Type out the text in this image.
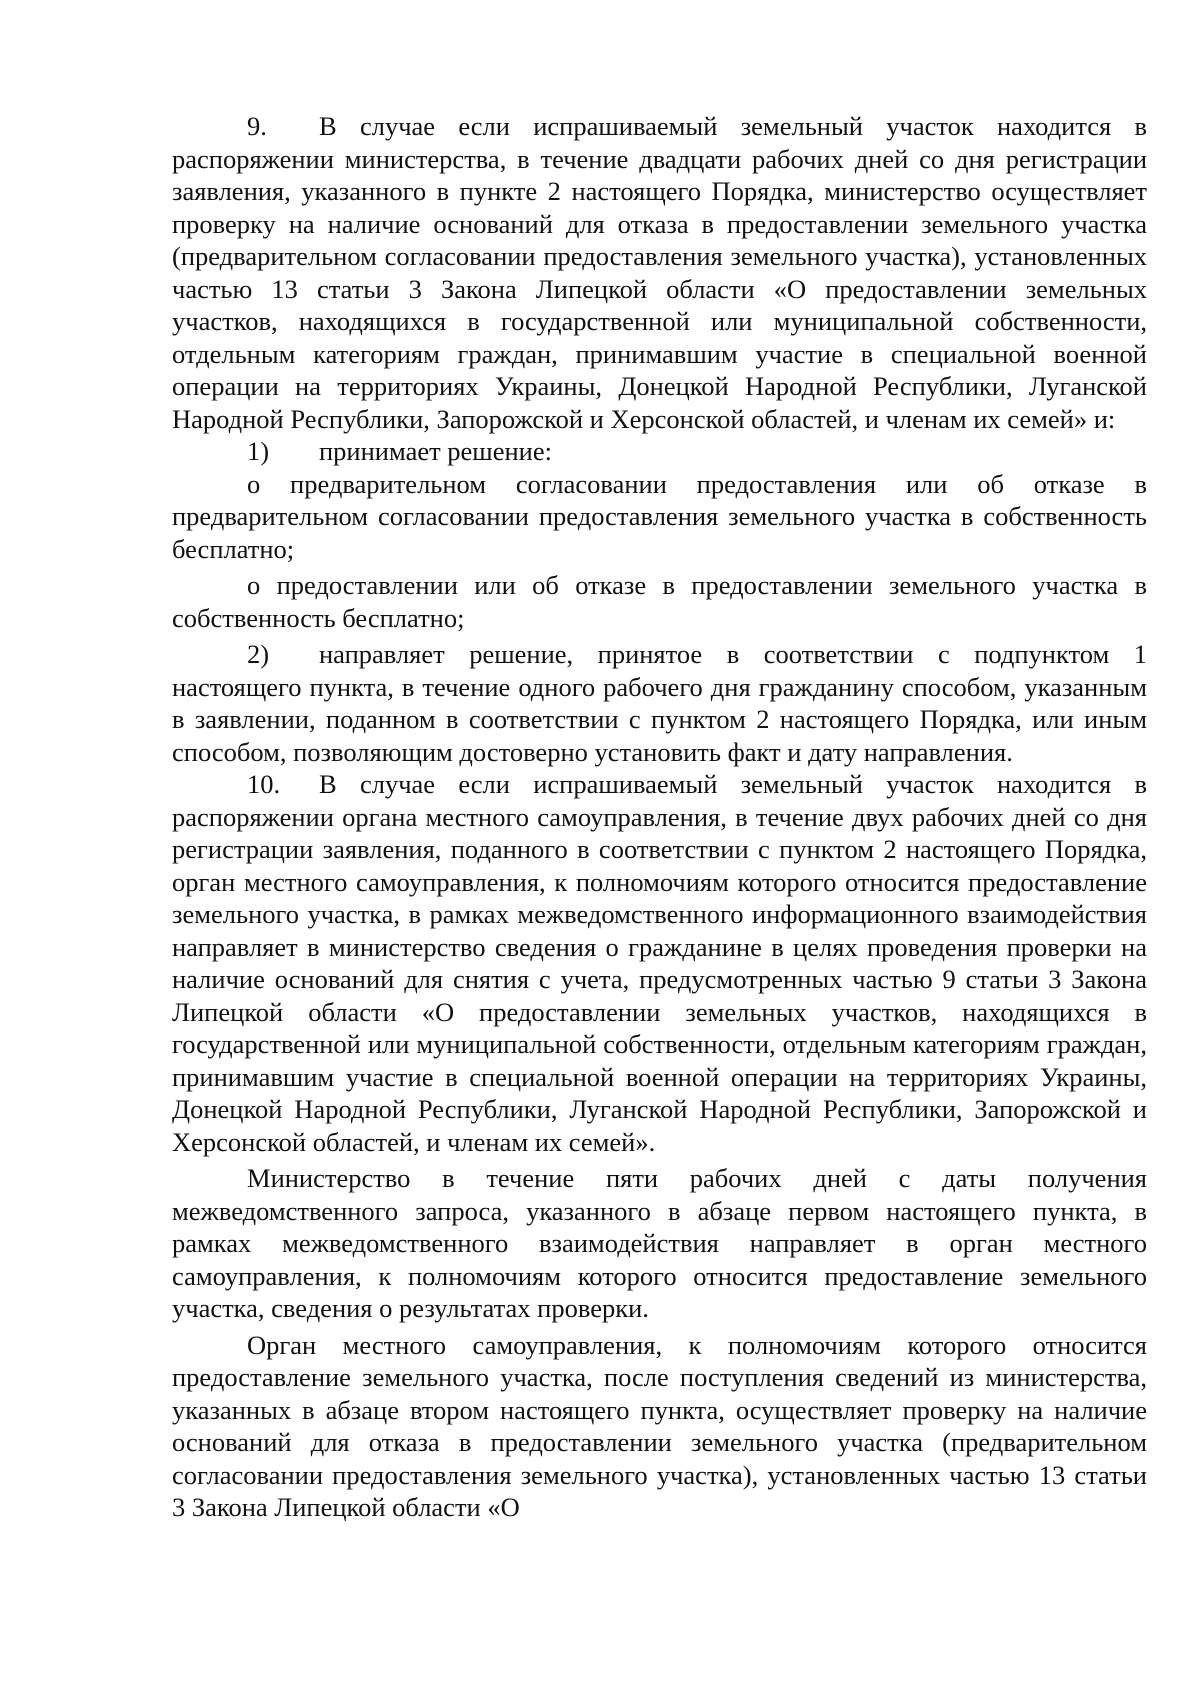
9. В случае если испрашиваемый земельный участок находится в распоряжении министерства, в течение двадцати рабочих дней со дня регистрации заявления, указанного в пункте 2 настоящего Порядка, министерство осуществляет проверку на наличие оснований для отказа в предоставлении земельного участка (предварительном согласовании предоставления земельного участка), установленных частью 13 статьи 3 Закона Липецкой области «О предоставлении земельных участков, находящихся в государственной или муниципальной собственности, отдельным категориям граждан, принимавшим участие в специальной военной операции на территориях Украины, Донецкой Народной Республики, Луганской Народной Республики, Запорожской и Херсонской областей, и членам их семей» и:

1) принимает решение:

о предварительном согласовании предоставления или об отказе в предварительном согласовании предоставления земельного участка в собственность бесплатно;

о предоставлении или об отказе в предоставлении земельного участка в собственность бесплатно;

2) направляет решение, принятое в соответствии с подпунктом 1 настоящего пункта, в течение одного рабочего дня гражданину способом, указанным в заявлении, поданном в соответствии с пунктом 2 настоящего Порядка, или иным способом, позволяющим достоверно установить факт и дату направления.

10. В случае если испрашиваемый земельный участок находится в распоряжении органа местного самоуправления, в течение двух рабочих дней со дня регистрации заявления, поданного в соответствии с пунктом 2 настоящего Порядка, орган местного самоуправления, к полномочиям которого относится предоставление земельного участка, в рамках межведомственного информационного взаимодействия направляет в министерство сведения о гражданине в целях проведения проверки на наличие оснований для снятия с учета, предусмотренных частью 9 статьи 3 Закона Липецкой области «О предоставлении земельных участков, находящихся в государственной или муниципальной собственности, отдельным категориям граждан, принимавшим участие в специальной военной операции на территориях Украины, Донецкой Народной Республики, Луганской Народной Республики, Запорожской и Херсонской областей, и членам их семей».

Министерство в течение пяти рабочих дней с даты получения межведомственного запроса, указанного в абзаце первом настоящего пункта, в рамках межведомственного взаимодействия направляет в орган местного самоуправления, к полномочиям которого относится предоставление земельного участка, сведения о результатах проверки.

Орган местного самоуправления, к полномочиям которого относится предоставление земельного участка, после поступления сведений из министерства, указанных в абзаце втором настоящего пункта, осуществляет проверку на наличие оснований для отказа в предоставлении земельного участка (предварительном согласовании предоставления земельного участка), установленных частью 13 статьи 3 Закона Липецкой области «О
